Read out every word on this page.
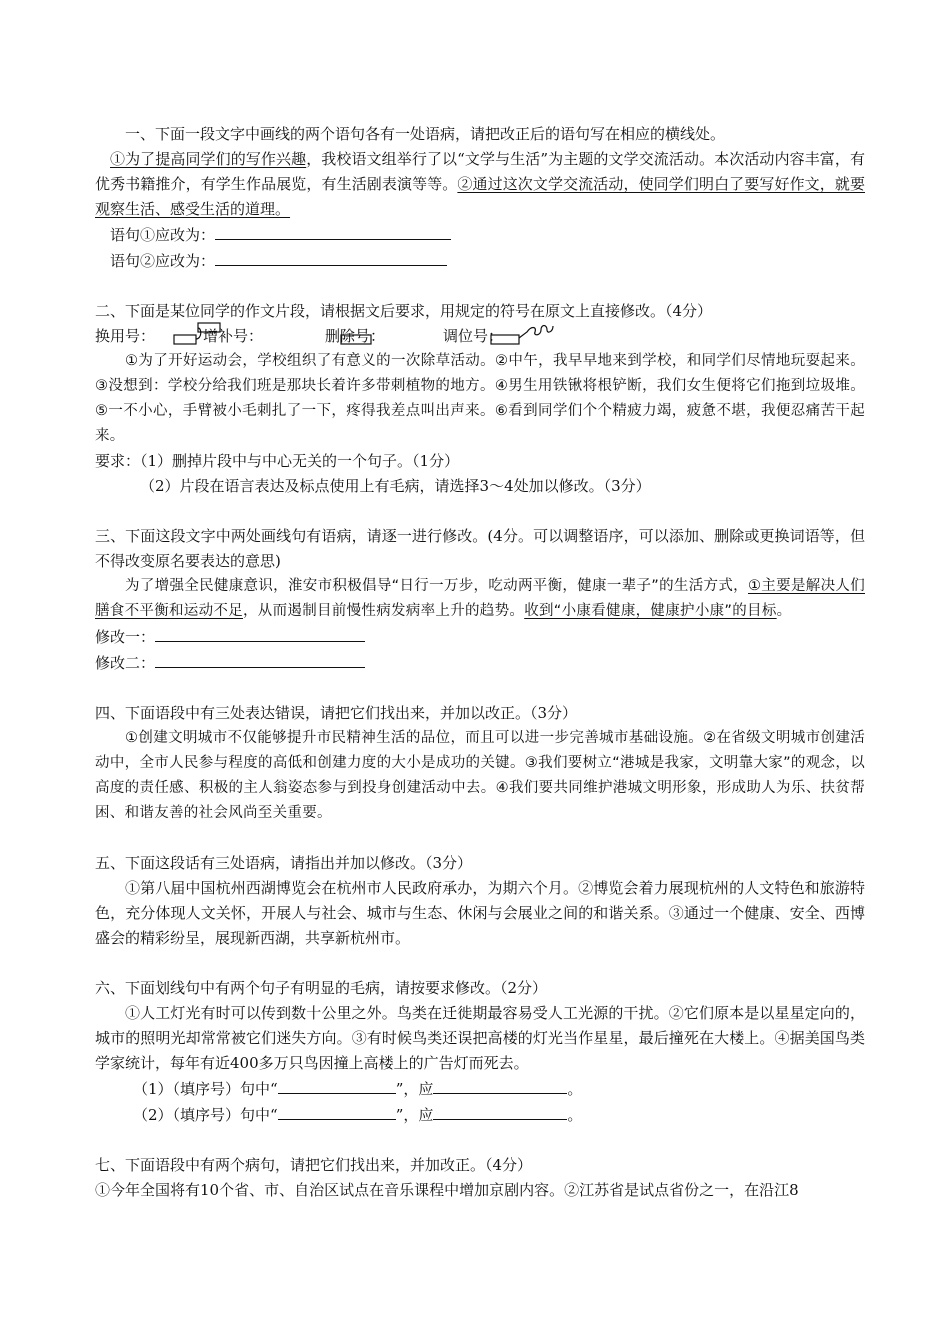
一、下面一段文字中画线的两个语句各有一处语病，请把改正后的语句写在相应的横线处。

①为了提高同学们的写作兴趣，我校语文组举行了以“文学与生活”为主题的文学交流活动。本次活动内容丰富，有优秀书籍推介，有学生作品展览，有生活剧表演等等。②通过这次文学交流活动，使同学们明白了要写好作文，就要观察生活、感受生活的道理。

语句①应改为：

语句②应改为：

二、下面是某位同学的作文片段，请根据文后要求，用规定的符号在原文上直接修改。（4分）

换用号：	增补号：	删除号：	调位号：

①为了开好运动会，学校组织了有意义的一次除草活动。②中午，我早早地来到学校，和同学们尽情地玩耍起来。③没想到：学校分给我们班是那块长着许多带刺植物的地方。④男生用铁锹将根铲断，我们女生便将它们拖到垃圾堆。⑤一不小心，手臂被小毛刺扎了一下，疼得我差点叫出声来。⑥看到同学们个个精疲力竭，疲惫不堪，我便忍痛苦干起来。

要求：（1）删掉片段中与中心无关的一个句子。（1分）

（2）片段在语言表达及标点使用上有毛病，请选择3～4处加以修改。（3分）

三、下面这段文字中两处画线句有语病，请逐一进行修改。(4分。可以调整语序，可以添加、删除或更换词语等，但不得改变原名要表达的意思)

为了增强全民健康意识，淮安市积极倡导“日行一万步，吃动两平衡，健康一辈子”的生活方式，①主要是解决人们膳食不平衡和运动不足，从而遏制目前慢性病发病率上升的趋势。收到“小康看健康，健康护小康”的目标。

修改一：

修改二：

四、下面语段中有三处表达错误，请把它们找出来，并加以改正。（3分）

①创建文明城市不仅能够提升市民精神生活的品位，而且可以进一步完善城市基础设施。②在省级文明城市创建活动中，全市人民参与程度的高低和创建力度的大小是成功的关键。③我们要树立“港城是我家，文明靠大家”的观念，以高度的责任感、积极的主人翁姿态参与到投身创建活动中去。④我们要共同维护港城文明形象，形成助人为乐、扶贫帮困、和谐友善的社会风尚至关重要。

五、下面这段话有三处语病，请指出并加以修改。（3分）

①第八届中国杭州西湖博览会在杭州市人民政府承办，为期六个月。②博览会着力展现杭州的人文特色和旅游特色，充分体现人文关怀，开展人与社会、城市与生态、休闲与会展业之间的和谐关系。③通过一个健康、安全、西博盛会的精彩纷呈，展现新西湖，共享新杭州市。

六、下面划线句中有两个句子有明显的毛病，请按要求修改。（2分）

①人工灯光有时可以传到数十公里之外。鸟类在迁徙期最容易受人工光源的干扰。②它们原本是以星星定向的，城市的照明光却常常被它们迷失方向。③有时候鸟类还误把高楼的灯光当作星星，最后撞死在大楼上。④据美国鸟类学家统计，每年有近400多万只鸟因撞上高楼上的广告灯而死去。

（1）（填序号）句中“	”，应	。

（2）（填序号）句中“	”，应	。

七、下面语段中有两个病句，请把它们找出来，并加改正。（4分）

①今年全国将有10个省、市、自治区试点在音乐课程中增加京剧内容。②江苏省是试点省份之一，在沿江8
